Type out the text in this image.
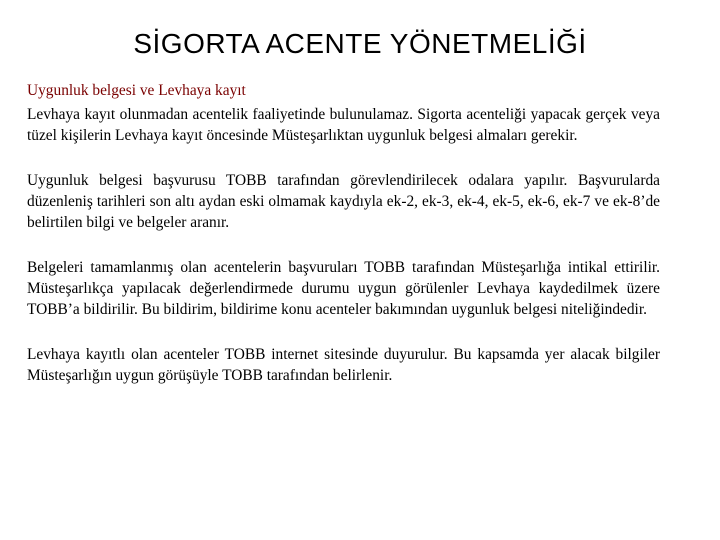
SİGORTA ACENTE YÖNETMELİĞİ
Uygunluk belgesi ve Levhaya kayıt

Levhaya kayıt olunmadan acentelik faaliyetinde bulunulamaz. Sigorta acenteliği yapacak gerçek veya tüzel kişilerin Levhaya kayıt öncesinde Müsteşarlıktan uygunluk belgesi almaları gerekir.

Uygunluk belgesi başvurusu TOBB tarafından görevlendirilecek odalara yapılır. Başvurularda düzenleniş tarihleri son altı aydan eski olmamak kaydıyla ek-2, ek-3, ek-4, ek-5, ek-6, ek-7 ve ek-8’de belirtilen bilgi ve belgeler aranır.

Belgeleri tamamlanmış olan acentelerin başvuruları TOBB tarafından Müsteşarlığa intikal ettirilir. Müsteşarlıkça yapılacak değerlendirmede durumu uygun görülenler Levhaya kaydedilmek üzere TOBB’a bildirilir. Bu bildirim, bildirime konu acenteler bakımından uygunluk belgesi niteliğindedir.

Levhaya kayıtlı olan acenteler TOBB internet sitesinde duyurulur. Bu kapsamda yer alacak bilgiler Müsteşarlığın uygun görüşüyle TOBB tarafından belirlenir.
